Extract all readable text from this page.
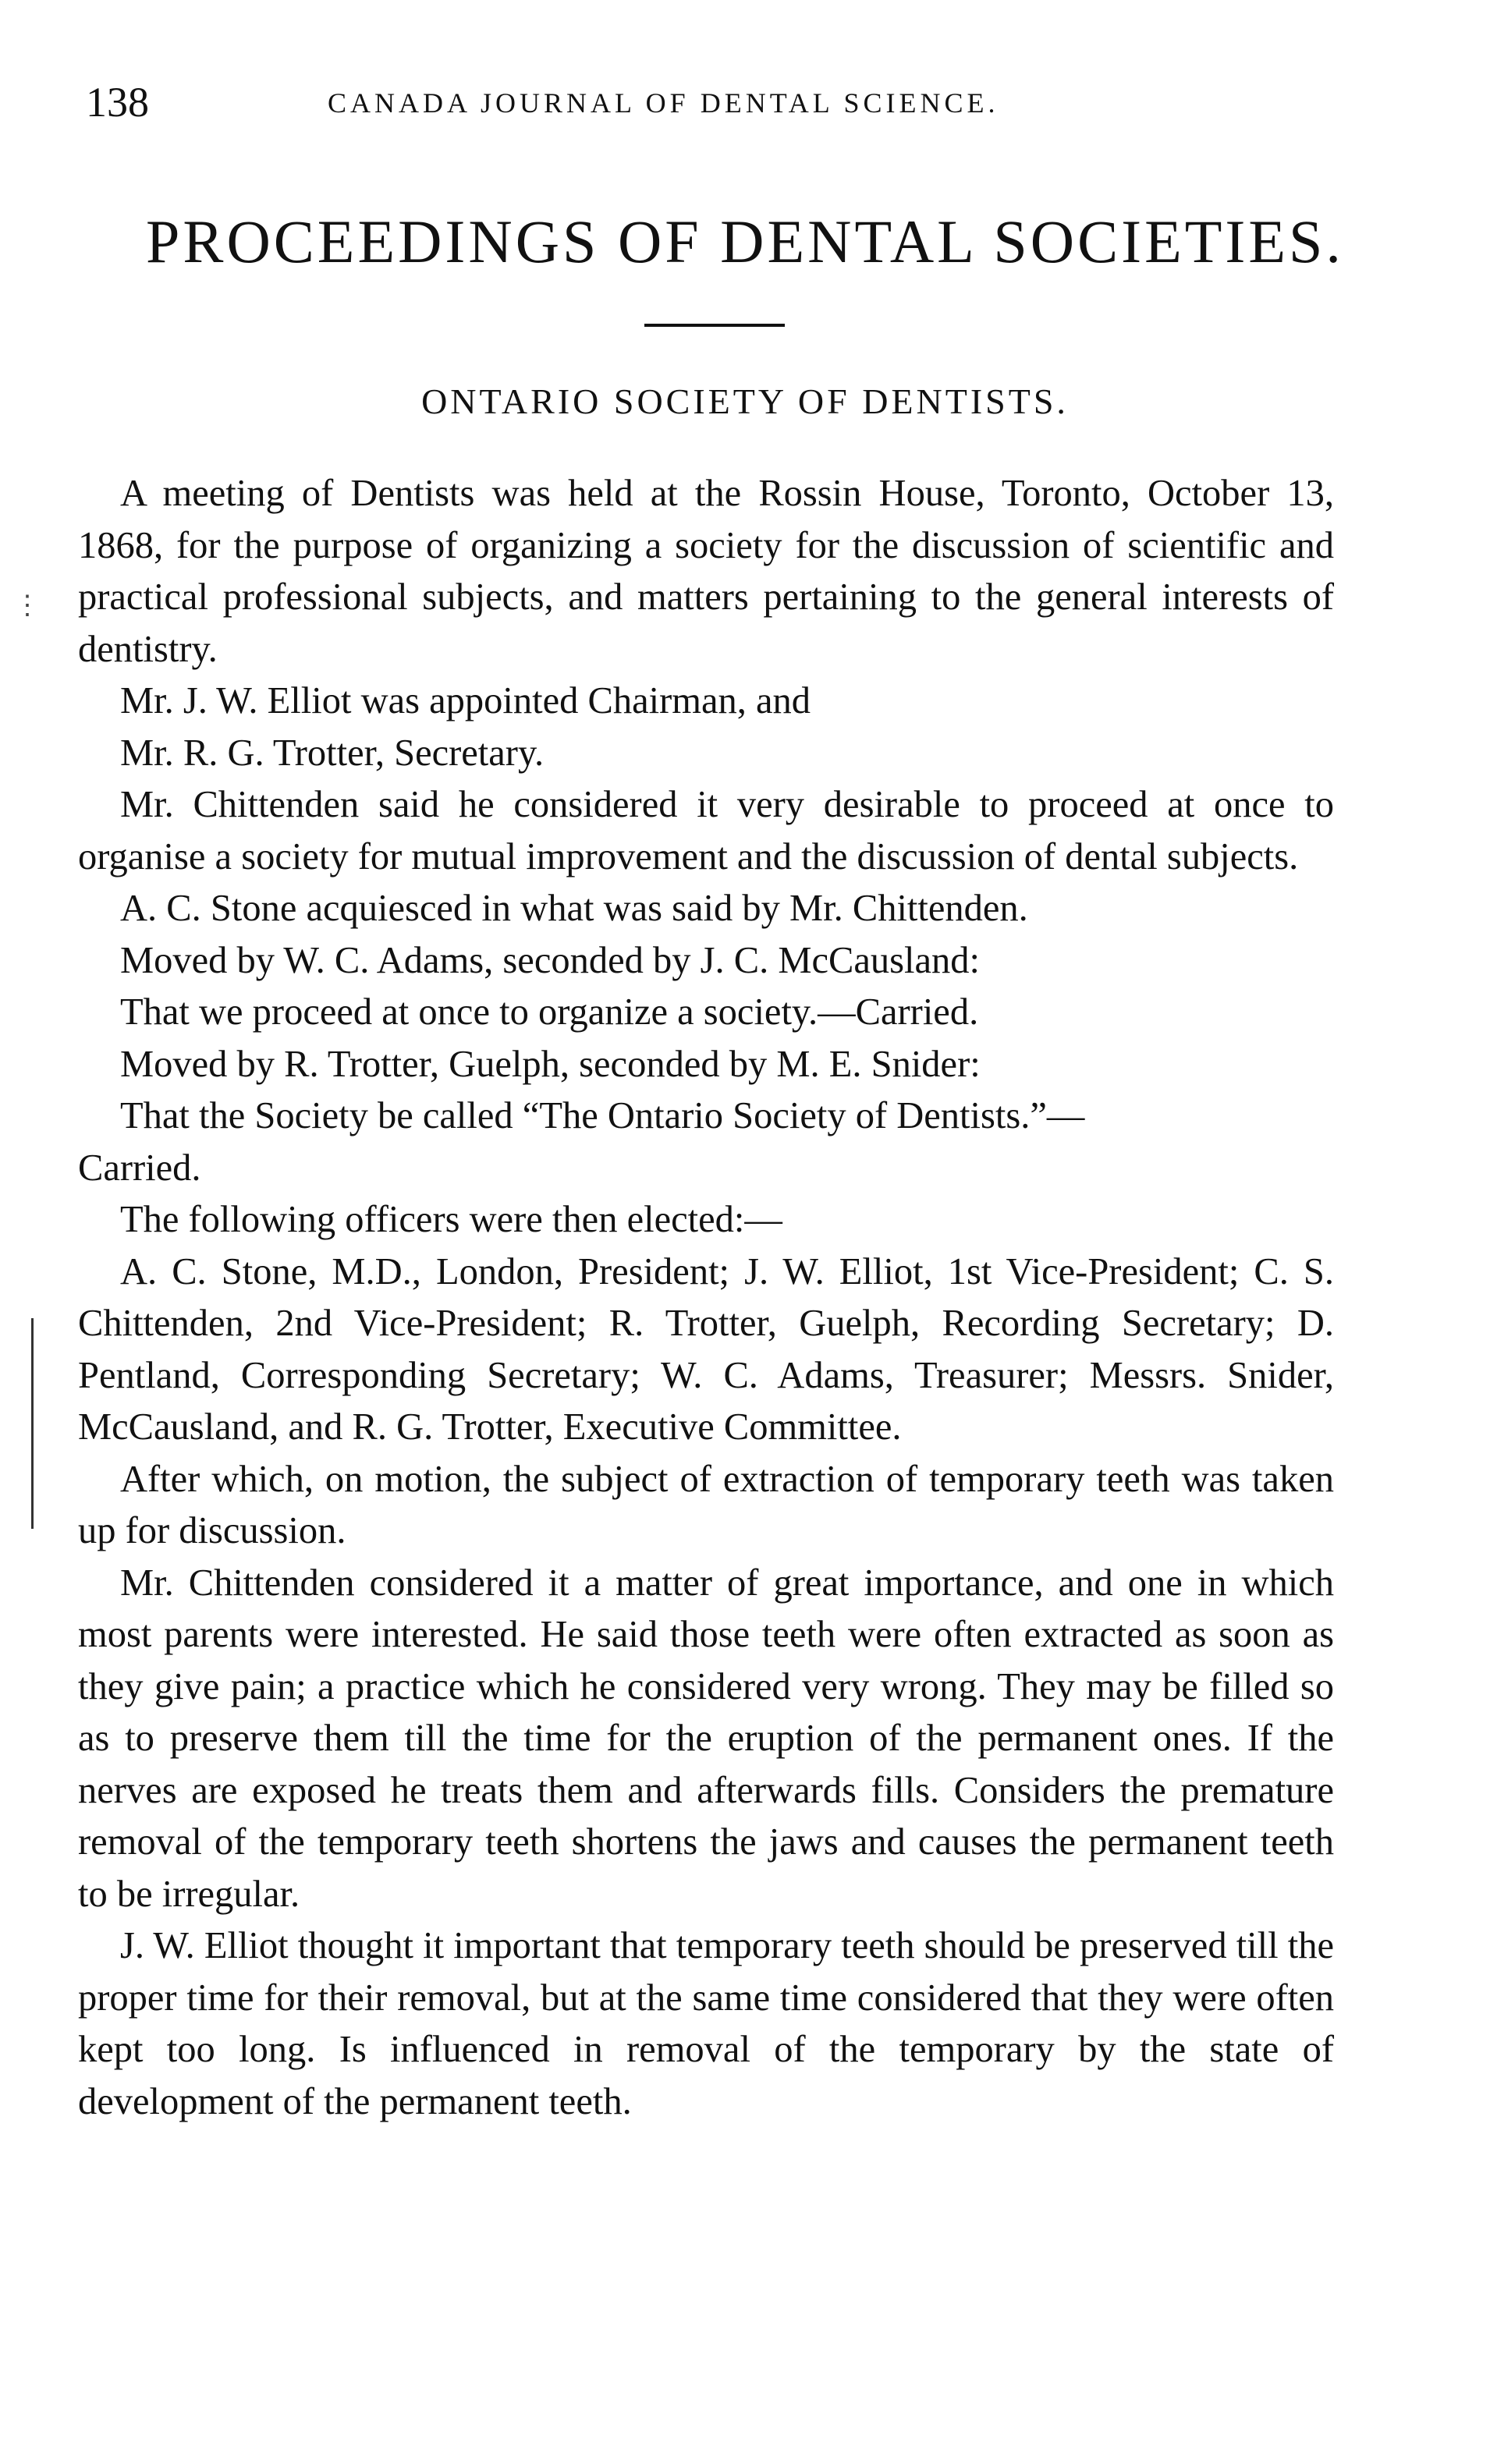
138	CANADA JOURNAL OF DENTAL SCIENCE.
PROCEEDINGS OF DENTAL SOCIETIES.
ONTARIO SOCIETY OF DENTISTS.
⋮

A meeting of Dentists was held at the Rossin House, Toronto, October 13, 1868, for the purpose of organizing a society for the discussion of scientific and practical professional subjects, and matters pertaining to the general interests of dentistry.

Mr. J. W. Elliot was appointed Chairman, and

Mr. R. G. Trotter, Secretary.

Mr. Chittenden said he considered it very desirable to proceed at once to organise a society for mutual improvement and the discussion of dental subjects.

A. C. Stone acquiesced in what was said by Mr. Chittenden.

Moved by W. C. Adams, seconded by J. C. McCausland:

That we proceed at once to organize a society.—Carried.

Moved by R. Trotter, Guelph, seconded by M. E. Snider:

That the Society be called “The Ontario Society of Dentists.”—

Carried.

The following officers were then elected:—

A. C. Stone, M.D., London, President; J. W. Elliot, 1st Vice-President; C. S. Chittenden, 2nd Vice-President; R. Trotter, Guelph, Recording Secretary; D. Pentland, Corresponding Secretary; W. C. Adams, Treasurer; Messrs. Snider, McCausland, and R. G. Trotter, Executive Committee.

After which, on motion, the subject of extraction of temporary teeth was taken up for discussion.

Mr. Chittenden considered it a matter of great importance, and one in which most parents were interested. He said those teeth were often extracted as soon as they give pain; a practice which he considered very wrong. They may be filled so as to preserve them till the time for the eruption of the permanent ones. If the nerves are exposed he treats them and afterwards fills. Considers the premature removal of the temporary teeth shortens the jaws and causes the permanent teeth to be irregular.

J. W. Elliot thought it important that temporary teeth should be preserved till the proper time for their removal, but at the same time considered that they were often kept too long. Is influenced in removal of the temporary by the state of development of the permanent teeth.
